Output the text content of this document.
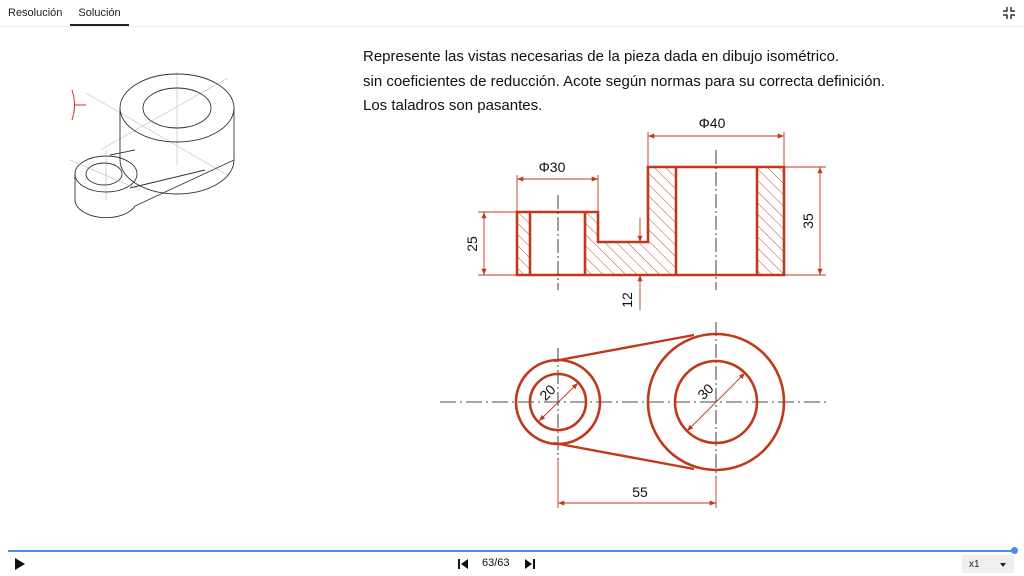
Resolución	Solución
Represente las vistas necesarias de la pieza dada en dibujo isométrico.
sin coeficientes de reducción. Acote según normas para su correcta definición.
Los taladros son pasantes.
Φ40
Φ30
35
25
12
20	30
55
63/63	x1
